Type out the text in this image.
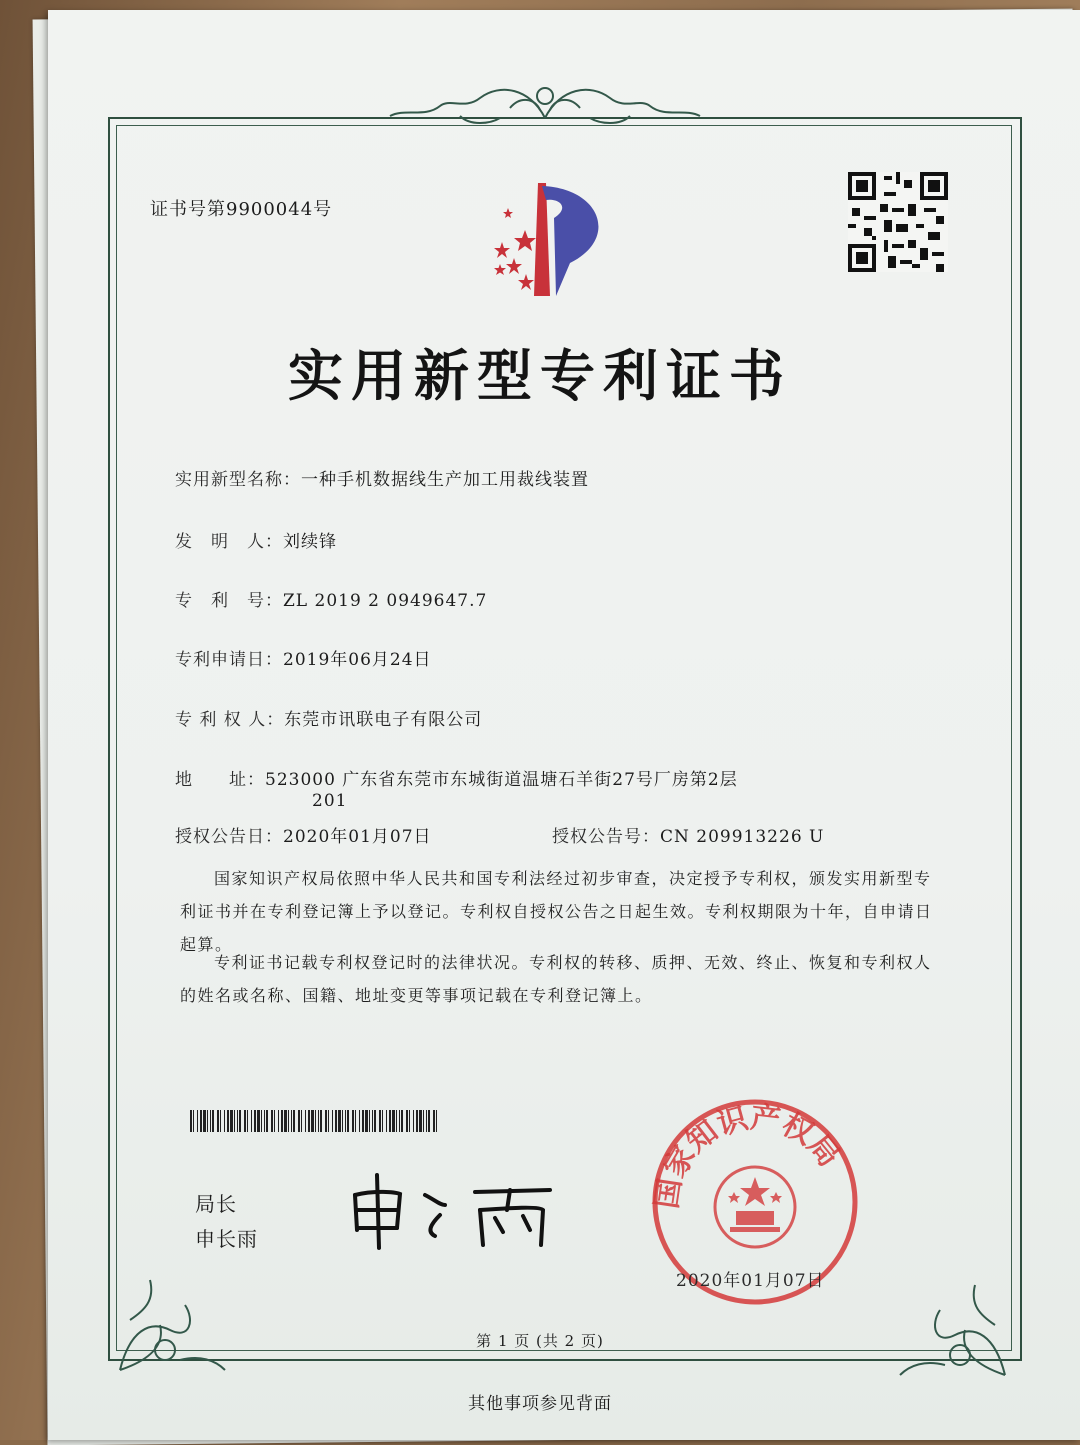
证书号第9900044号
实用新型专利证书
实用新型名称：一种手机数据线生产加工用裁线装置
发　明　人：刘续锋
专　利　号：ZL 2019 2 0949647.7
专利申请日：2019年06月24日
专 利 权 人：东莞市讯联电子有限公司
地　　址：523000 广东省东莞市东城街道温塘石羊街27号厂房第2层
201
授权公告日：2020年01月07日	授权公告号：CN 209913226 U
国家知识产权局依照中华人民共和国专利法经过初步审查，决定授予专利权，颁发实用新型专利证书并在专利登记簿上予以登记。专利权自授权公告之日起生效。专利权期限为十年，自申请日起算。
专利证书记载专利权登记时的法律状况。专利权的转移、质押、无效、终止、恢复和专利权人的姓名或名称、国籍、地址变更等事项记载在专利登记簿上。
局长
申长雨
国家知识产权局
2020年01月07日
第 1 页 (共 2 页)
其他事项参见背面
